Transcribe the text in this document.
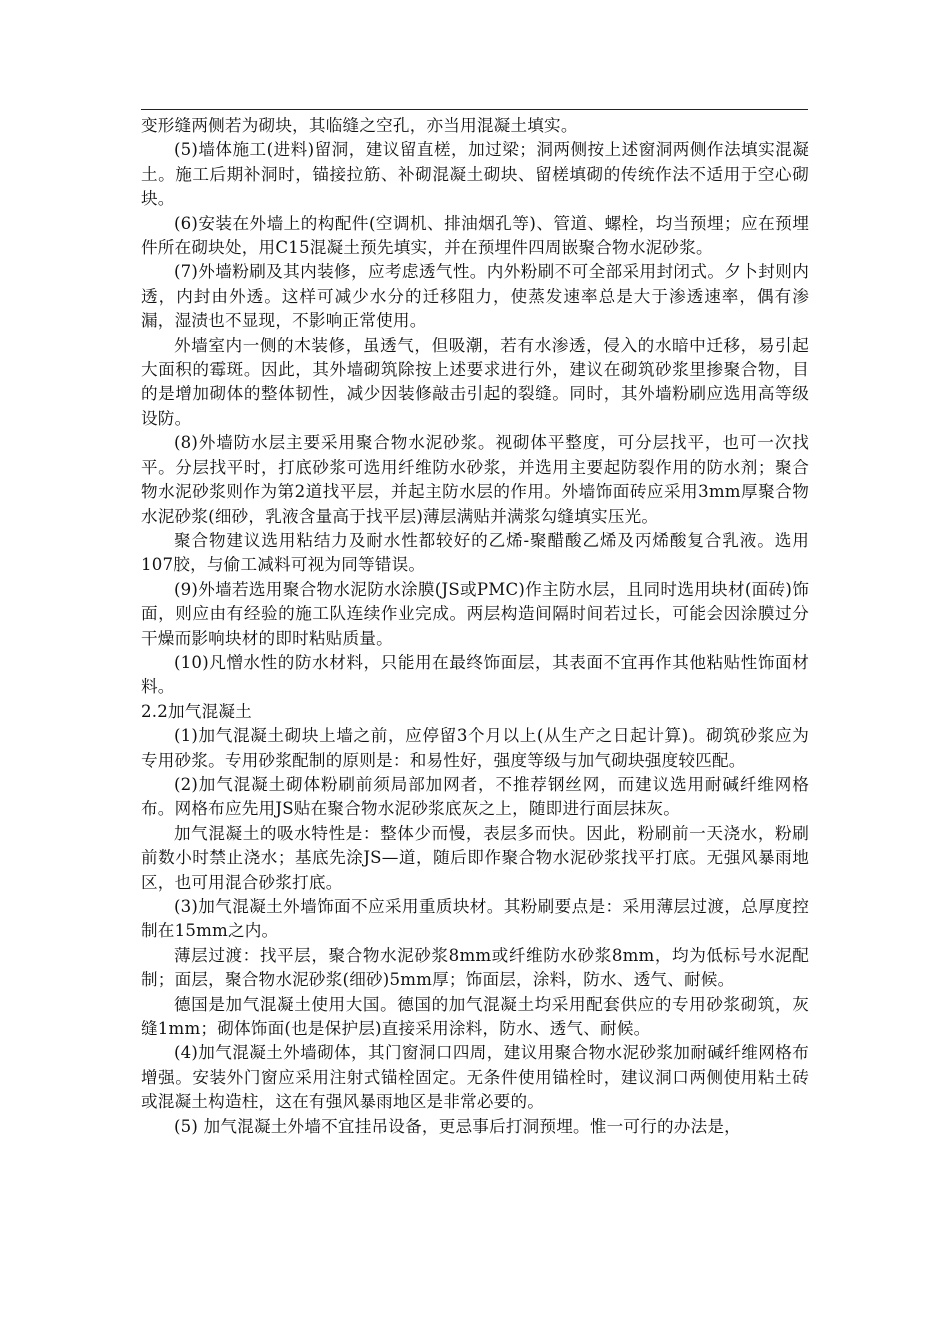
变形缝两侧若为砌块，其临缝之空孔，亦当用混凝土填实。

(5)墙体施工(进料)留洞，建议留直槎，加过梁；洞两侧按上述窗洞两侧作法填实混凝土。施工后期补洞时，锚接拉筋、补砌混凝土砌块、留槎填砌的传统作法不适用于空心砌块。

(6)安装在外墙上的构配件(空调机、排油烟孔等)、管道、螺栓，均当预埋；应在预埋件所在砌块处，用C15混凝土预先填实，并在预埋件四周嵌聚合物水泥砂浆。

(7)外墙粉刷及其内装修，应考虑透气性。内外粉刷不可全部采用封闭式。夕卜封则内透，内封由外透。这样可减少水分的迁移阻力，使蒸发速率总是大于渗透速率，偶有渗漏，湿渍也不显现，不影响正常使用。

外墙室内一侧的木装修，虽透气，但吸潮，若有水渗透，侵入的水暗中迁移，易引起大面积的霉斑。因此，其外墙砌筑除按上述要求进行外，建议在砌筑砂浆里掺聚合物，目的是增加砌体的整体韧性，减少因装修敲击引起的裂缝。同时，其外墙粉刷应选用高等级设防。

(8)外墙防水层主要采用聚合物水泥砂浆。视砌体平整度，可分层找平，也可一次找平。分层找平时，打底砂浆可选用纤维防水砂浆，并选用主要起防裂作用的防水剂；聚合物水泥砂浆则作为第2道找平层，并起主防水层的作用。外墙饰面砖应采用3mm厚聚合物水泥砂浆(细砂，乳液含量高于找平层)薄层满贴并满浆勾缝填实压光。

聚合物建议选用粘结力及耐水性都较好的乙烯-聚醋酸乙烯及丙烯酸复合乳液。选用107胶，与偷工减料可视为同等错误。

(9)外墙若选用聚合物水泥防水涂膜(JS或PMC)作主防水层，且同时选用块材(面砖)饰面，则应由有经验的施工队连续作业完成。两层构造间隔时间若过长，可能会因涂膜过分干燥而影响块材的即时粘贴质量。

(10)凡憎水性的防水材料，只能用在最终饰面层，其表面不宜再作其他粘贴性饰面材料。

2.2加气混凝土

(1)加气混凝土砌块上墙之前，应停留3个月以上(从生产之日起计算)。砌筑砂浆应为专用砂浆。专用砂浆配制的原则是：和易性好，强度等级与加气砌块强度较匹配。

(2)加气混凝土砌体粉刷前须局部加网者，不推荐钢丝网，而建议选用耐碱纤维网格布。网格布应先用JS贴在聚合物水泥砂浆底灰之上，随即进行面层抹灰。

加气混凝土的吸水特性是：整体少而慢，表层多而快。因此，粉刷前一天浇水，粉刷前数小时禁止浇水；基底先涂JS—道，随后即作聚合物水泥砂浆找平打底。无强风暴雨地区，也可用混合砂浆打底。

(3)加气混凝土外墙饰面不应采用重质块材。其粉刷要点是：采用薄层过渡，总厚度控制在15mm之内。

薄层过渡：找平层，聚合物水泥砂浆8mm或纤维防水砂浆8mm，均为低标号水泥配制；面层，聚合物水泥砂浆(细砂)5mm厚；饰面层，涂料，防水、透气、耐候。

德国是加气混凝土使用大国。德国的加气混凝土均采用配套供应的专用砂浆砌筑，灰缝1mm；砌体饰面(也是保护层)直接采用涂料，防水、透气、耐候。

(4)加气混凝土外墙砌体，其门窗洞口四周，建议用聚合物水泥砂浆加耐碱纤维网格布增强。安装外门窗应采用注射式锚栓固定。无条件使用锚栓时，建议洞口两侧使用粘土砖或混凝土构造柱，这在有强风暴雨地区是非常必要的。

(5) 加气混凝土外墙不宜挂吊设备，更忌事后打洞预埋。惟一可行的办法是，
